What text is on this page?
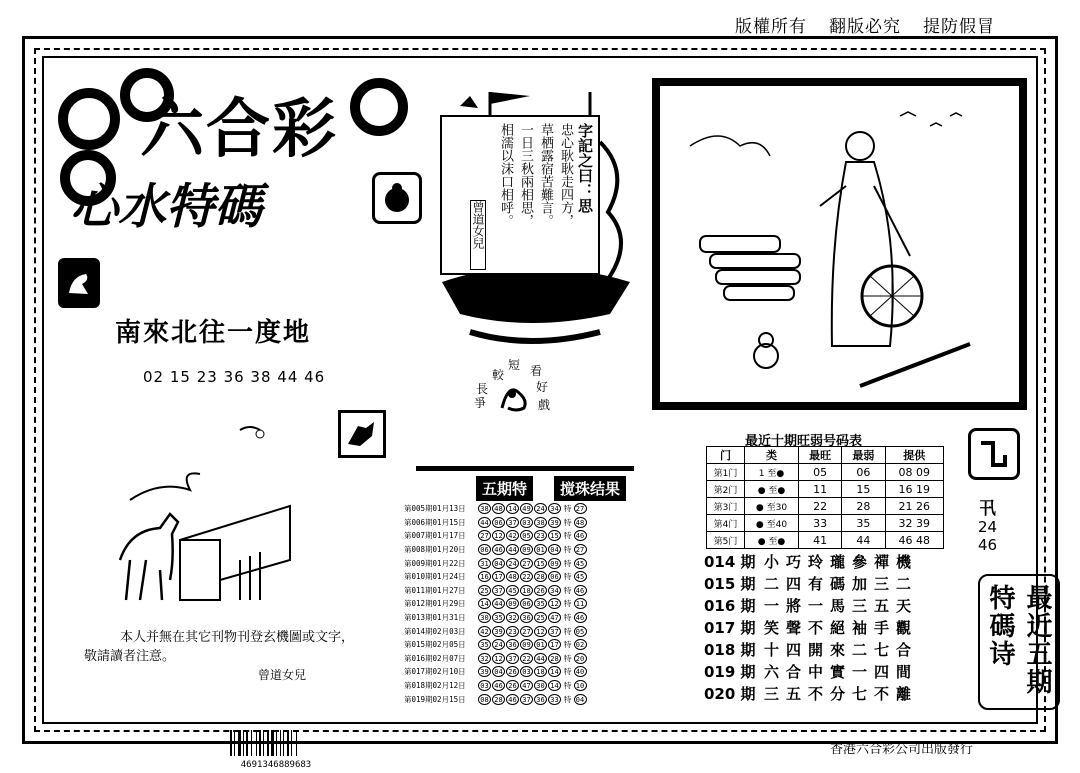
版權所有 翻版必究 提防假冒
六合彩
心水特碼
南來北往一度地
02 15 23 36 38 44 46
字記之曰：思
忠心耿耿走四方，
草栖露宿苦難言。
一日三秋兩相思，
相濡以沫口相呼。
曾道女兒
短 看
較
長	好
爭	戲
最近十期旺弱号码表
门	类	最旺	最弱	提供
第1门	1 至●	05	06	08 09
第2门	● 至●	11	15	16 19
第3门	● 至30	22	28	21 26
第4门	● 至40	33	35	32 39
第5门	● 至●	41	44	46 48
卂
24
46
最近五期特碼诗
014 期 小巧玲瓏參禪機
015 期 二四有碼加三二
016 期 一將一馬三五天
017 期 笑聲不絕袖手觀
018 期 十四開來二七合
019 期 六合中實一四間
020 期 三五不分七不離
五期特	搅珠结果
第005期01月13日	38 48 14 49 24 34 特 27
第006期01月15日	44 06 37 03 38 39 特 48
第007期01月17日	27 12 42 05 23 15 特 46
第008期01月20日	06 46 44 09 01 04 特 27
第009期01月22日	31 04 24 27 15 09 特 45
第010期01月24日	16 17 48 22 28 06 特 45
第011期01月27日	25 37 45 18 26 34 特 46
第012期01月29日	14 44 09 06 35 12 特 11
第013期01月31日	30 35 32 36 25 47 特 46
第014期02月03日	42 39 23 27 12 37 特 05
第015期02月05日	35 24 36 09 01 17 特 02
第016期02月07日	32 12 37 22 44 28 特 20
第017期02月10日	39 04 26 03 18 14 特 40
第018期02月12日	03 46 26 47 30 14 特 10
第019期02月15日	08 28 46 37 36 33 特 04
本人并無在其它刊物刊登玄機圖或文字，
敬請讀者注意。
曾道女兒
4691346889683
香港六合彩公司出版發行
